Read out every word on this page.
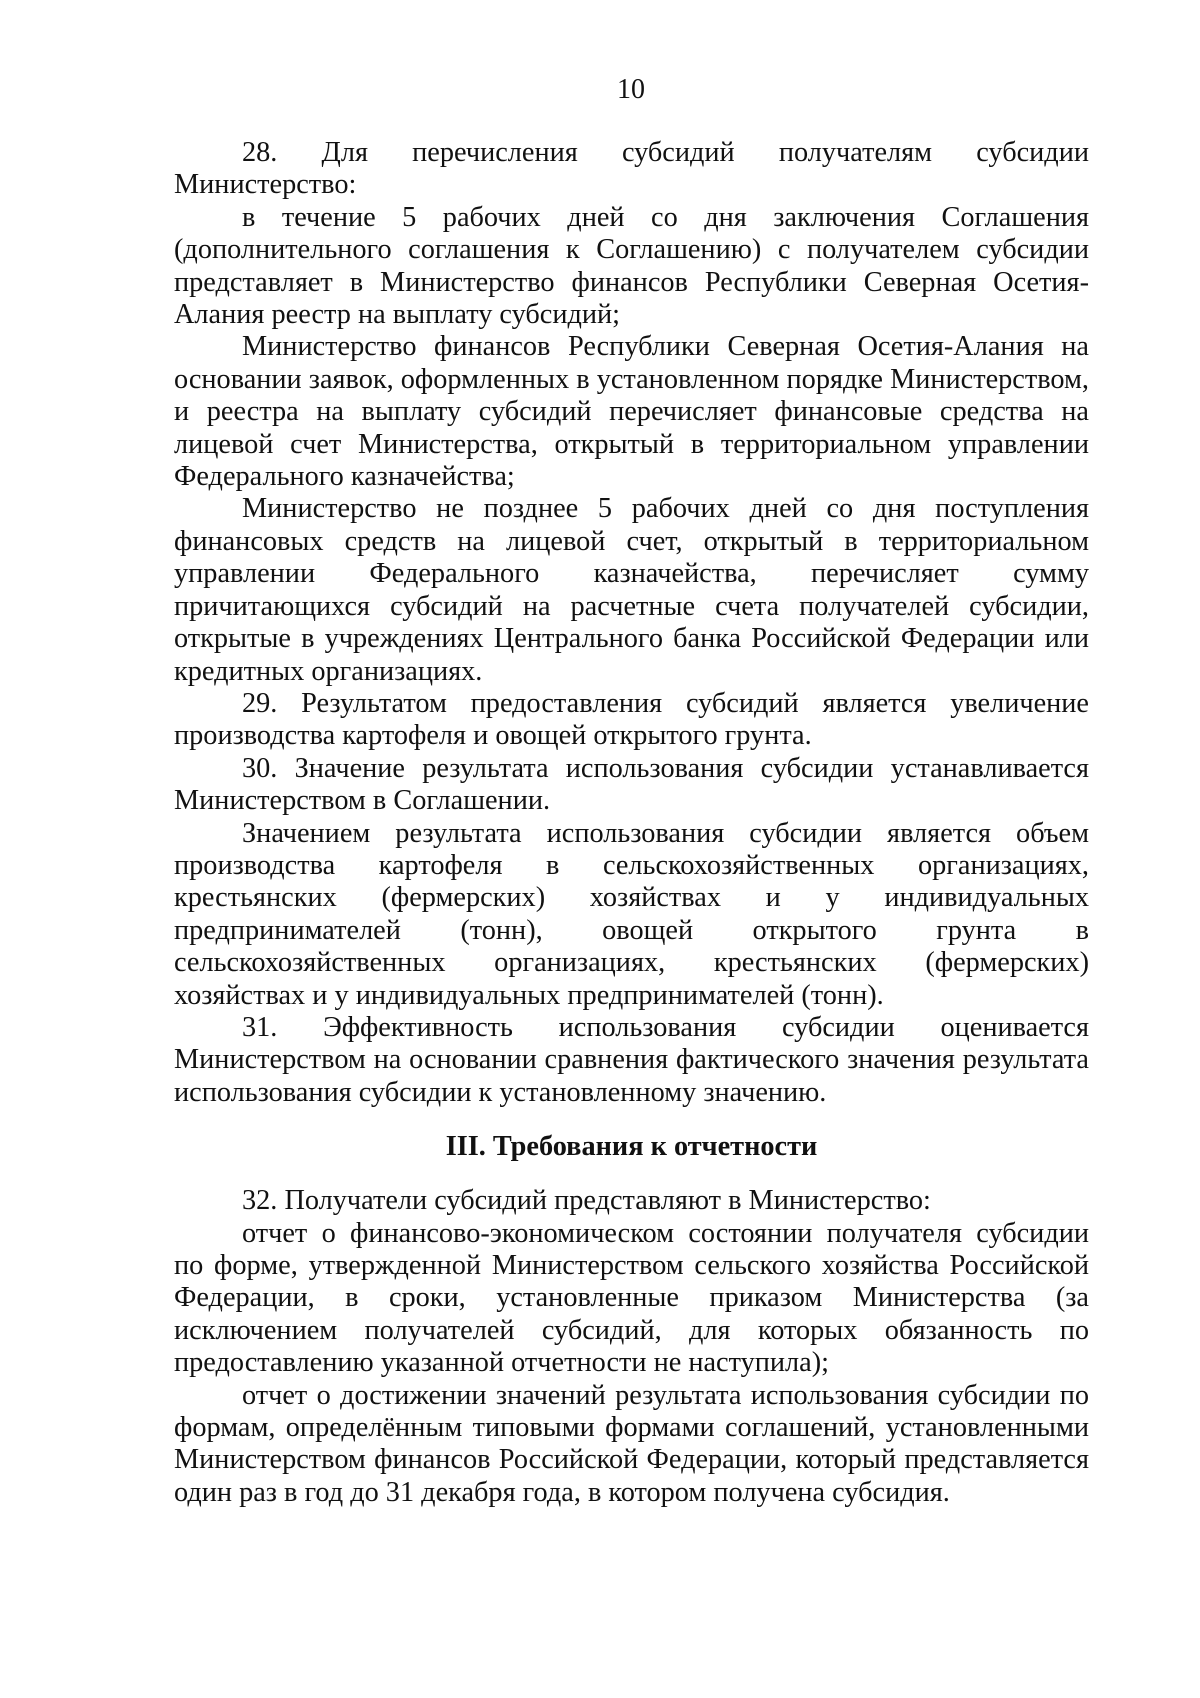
10

28. Для перечисления субсидий получателям субсидии Министерство:

в течение 5 рабочих дней со дня заключения Соглашения (дополнительного соглашения к Соглашению) с получателем субсидии представляет в Министерство финансов Республики Северная Осетия-Алания реестр на выплату субсидий;

Министерство финансов Республики Северная Осетия-Алания на основании заявок, оформленных в установленном порядке Министерством, и реестра на выплату субсидий перечисляет финансовые средства на лицевой счет Министерства, открытый в территориальном управлении Федерального казначейства;

Министерство не позднее 5 рабочих дней со дня поступления финансовых средств на лицевой счет, открытый в территориальном управлении Федерального казначейства, перечисляет сумму причитающихся субсидий на расчетные счета получателей субсидии, открытые в учреждениях Центрального банка Российской Федерации или кредитных организациях.

29. Результатом предоставления субсидий является увеличение производства картофеля и овощей открытого грунта.

30. Значение результата использования субсидии устанавливается Министерством в Соглашении.

Значением результата использования субсидии является объем производства картофеля в сельскохозяйственных организациях, крестьянских (фермерских) хозяйствах и у индивидуальных предпринимателей (тонн), овощей открытого грунта в сельскохозяйственных организациях, крестьянских (фермерских) хозяйствах и у индивидуальных предпринимателей (тонн).

31. Эффективность использования субсидии оценивается Министерством на основании сравнения фактического значения результата использования субсидии к установленному значению.

III. Требования к отчетности

32. Получатели субсидий представляют в Министерство:

отчет о финансово-экономическом состоянии получателя субсидии по форме, утвержденной Министерством сельского хозяйства Российской Федерации, в сроки, установленные приказом Министерства (за исключением получателей субсидий, для которых обязанность по предоставлению указанной отчетности не наступила);

отчет о достижении значений результата использования субсидии по формам, определённым типовыми формами соглашений, установленными Министерством финансов Российской Федерации, который представляется один раз в год до 31 декабря года, в котором получена субсидия.
